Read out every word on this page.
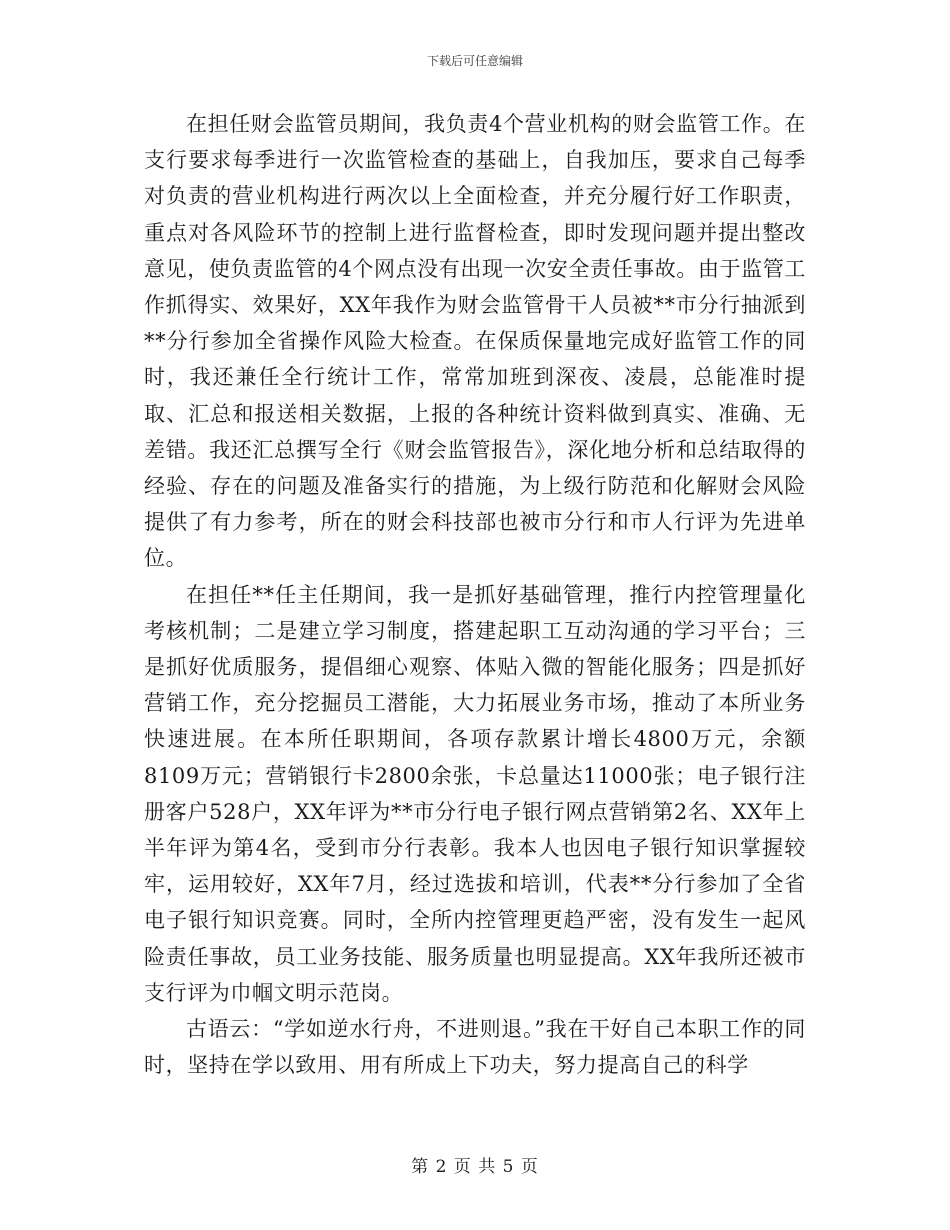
下载后可任意编辑

在担任财会监管员期间，我负责4个营业机构的财会监管工作。在支行要求每季进行一次监管检查的基础上，自我加压，要求自己每季对负责的营业机构进行两次以上全面检查，并充分履行好工作职责，重点对各风险环节的控制上进行监督检查，即时发现问题并提出整改意见，使负责监管的4个网点没有出现一次安全责任事故。由于监管工作抓得实、效果好，XX年我作为财会监管骨干人员被**市分行抽派到**分行参加全省操作风险大检查。在保质保量地完成好监管工作的同时，我还兼任全行统计工作，常常加班到深夜、凌晨，总能准时提取、汇总和报送相关数据，上报的各种统计资料做到真实、准确、无差错。我还汇总撰写全行《财会监管报告》，深化地分析和总结取得的经验、存在的问题及准备实行的措施，为上级行防范和化解财会风险提供了有力参考，所在的财会科技部也被市分行和市人行评为先进单位。

在担任**任主任期间，我一是抓好基础管理，推行内控管理量化考核机制；二是建立学习制度，搭建起职工互动沟通的学习平台；三是抓好优质服务，提倡细心观察、体贴入微的智能化服务；四是抓好营销工作，充分挖掘员工潜能，大力拓展业务市场，推动了本所业务快速进展。在本所任职期间，各项存款累计增长4800万元，余额8109万元；营销银行卡2800余张，卡总量达11000张；电子银行注册客户528户，XX年评为**市分行电子银行网点营销第2名、XX年上半年评为第4名，受到市分行表彰。我本人也因电子银行知识掌握较牢，运用较好，XX年7月，经过选拔和培训，代表**分行参加了全省电子银行知识竞赛。同时，全所内控管理更趋严密，没有发生一起风险责任事故，员工业务技能、服务质量也明显提高。XX年我所还被市支行评为巾帼文明示范岗。

古语云：“学如逆水行舟，不进则退。”我在干好自己本职工作的同时，坚持在学以致用、用有所成上下功夫，努力提高自己的科学

第 2 页 共 5 页
